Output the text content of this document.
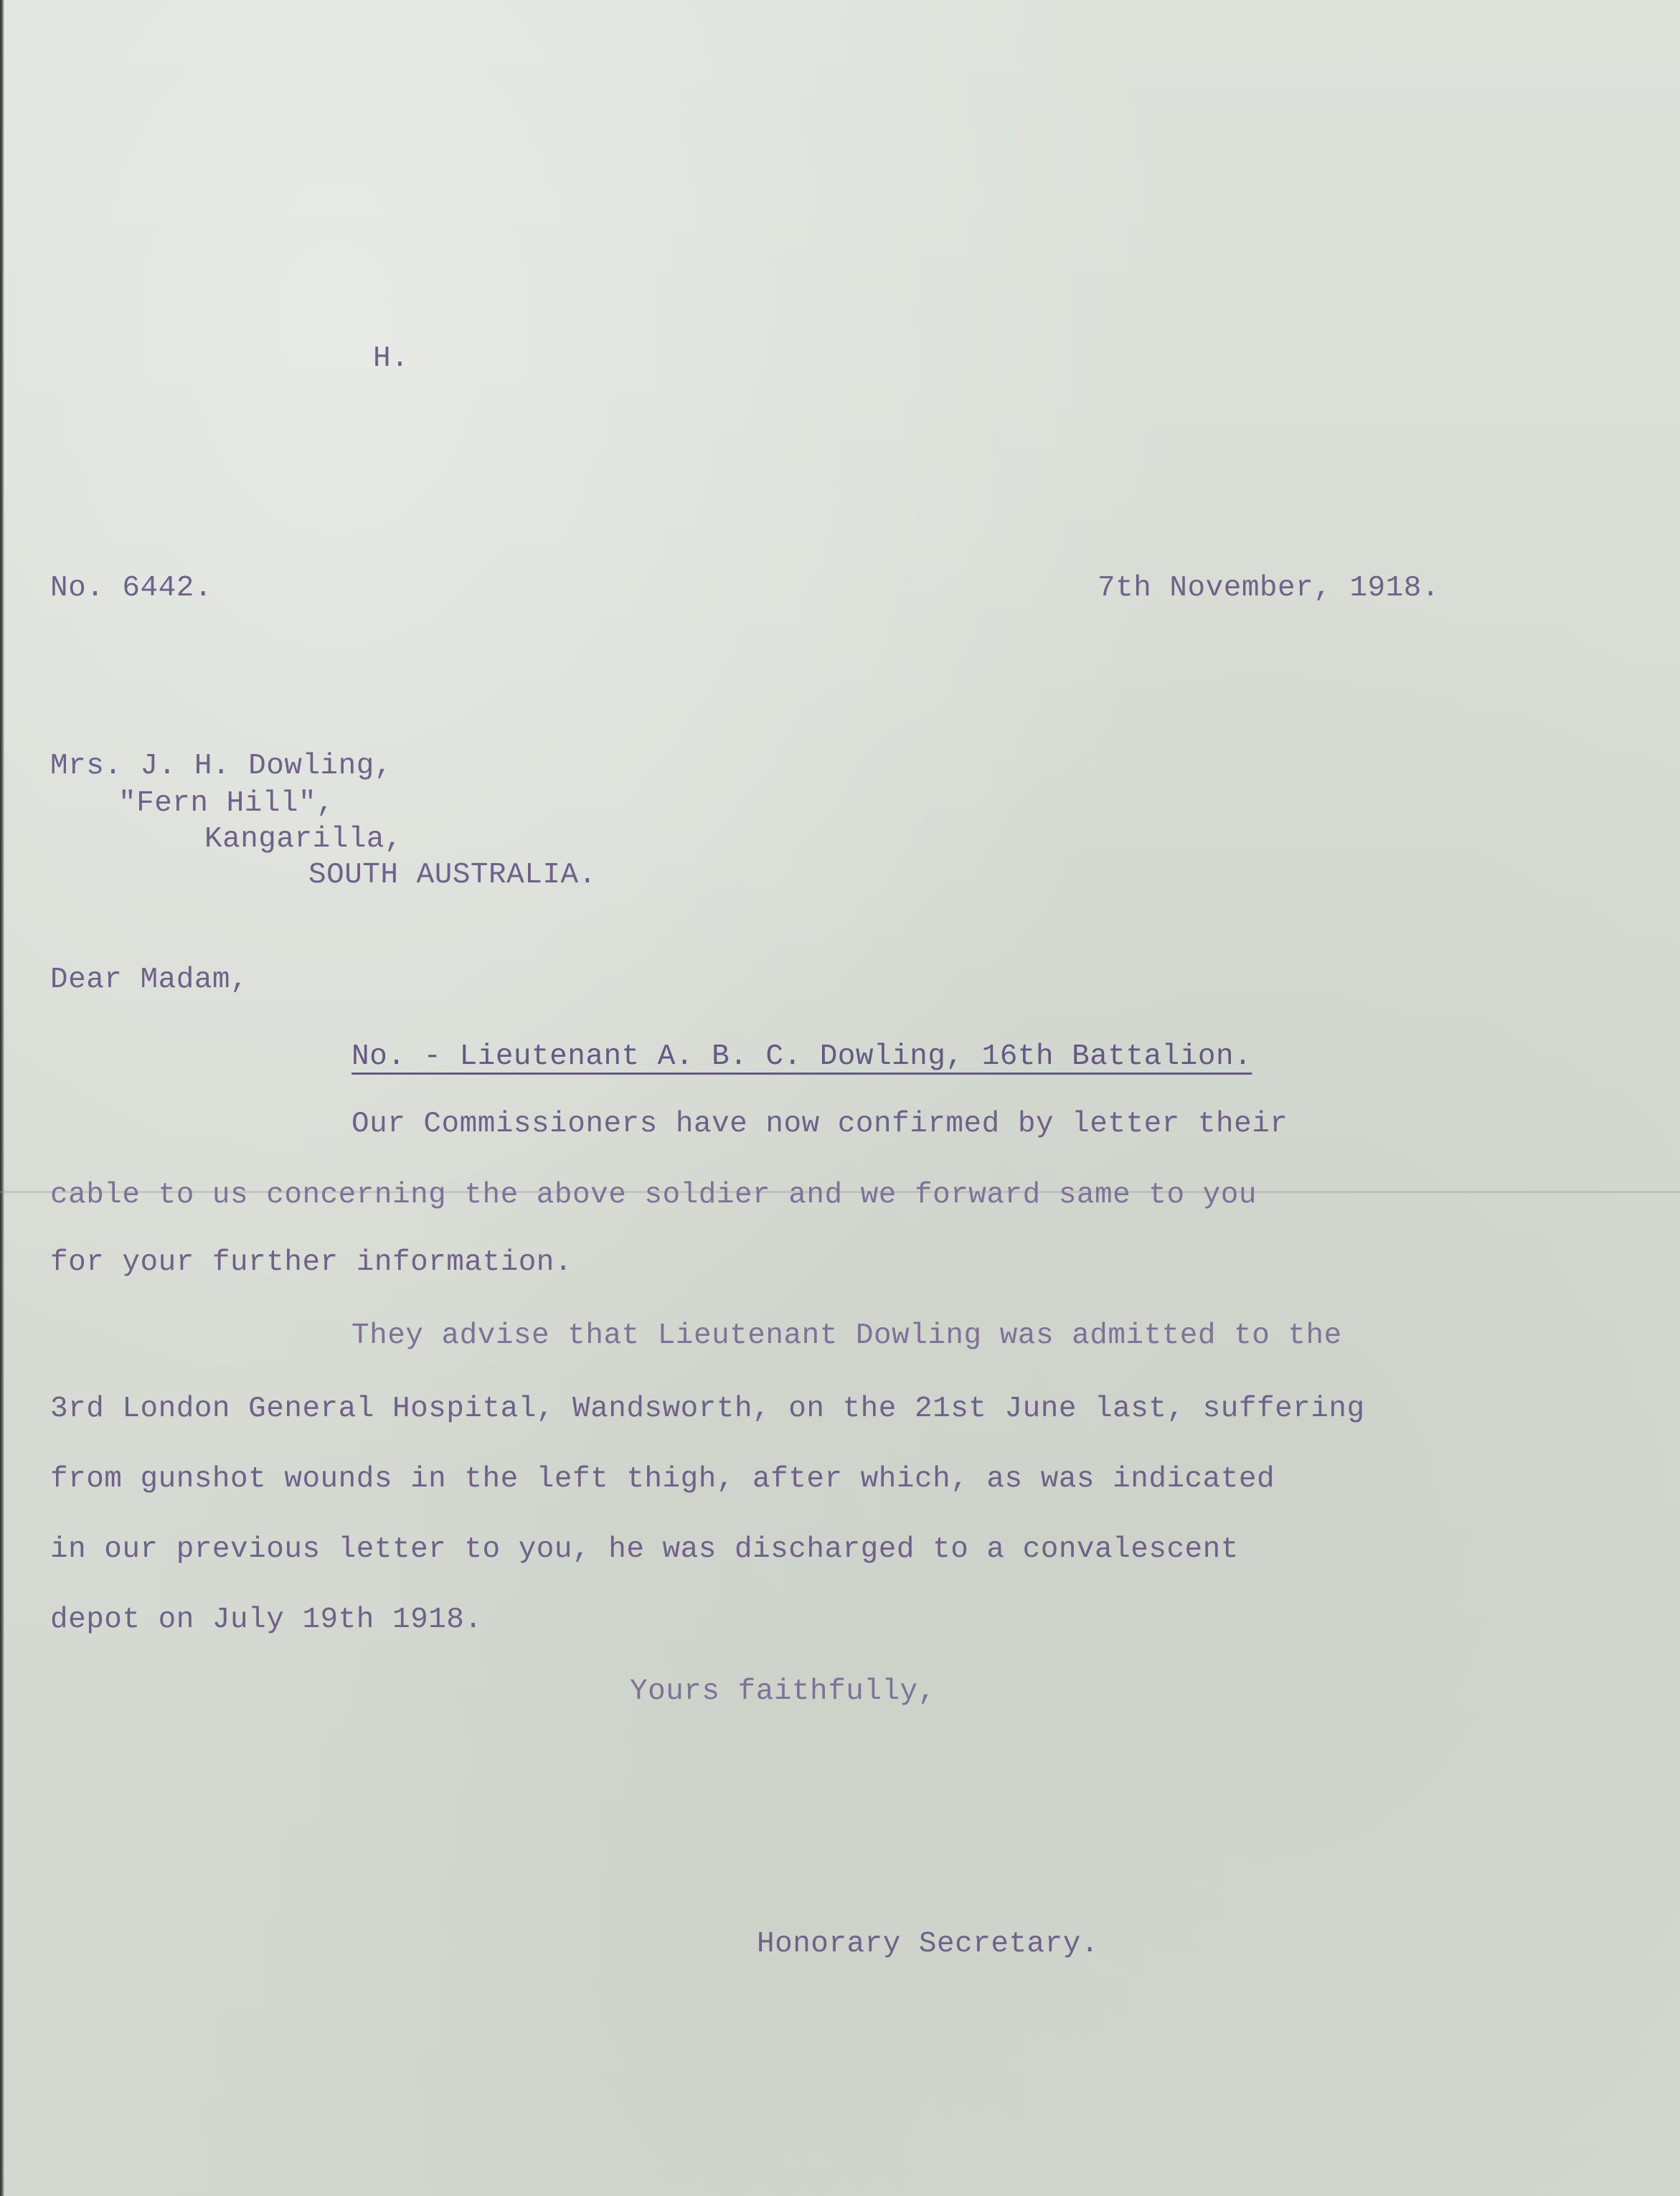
H.
No. 6442.	7th November, 1918.
Mrs. J. H. Dowling,
"Fern Hill",
Kangarilla,
SOUTH AUSTRALIA.
Dear Madam,
No. - Lieutenant A. B. C. Dowling, 16th Battalion.
Our Commissioners have now confirmed by letter their
cable to us concerning the above soldier and we forward same to you
for your further information.
They advise that Lieutenant Dowling was admitted to the
3rd London General Hospital, Wandsworth, on the 21st June last, suffering
from gunshot wounds in the left thigh, after which, as was indicated
in our previous letter to you, he was discharged to a convalescent
depot on July 19th 1918.
Yours faithfully,
Honorary Secretary.
